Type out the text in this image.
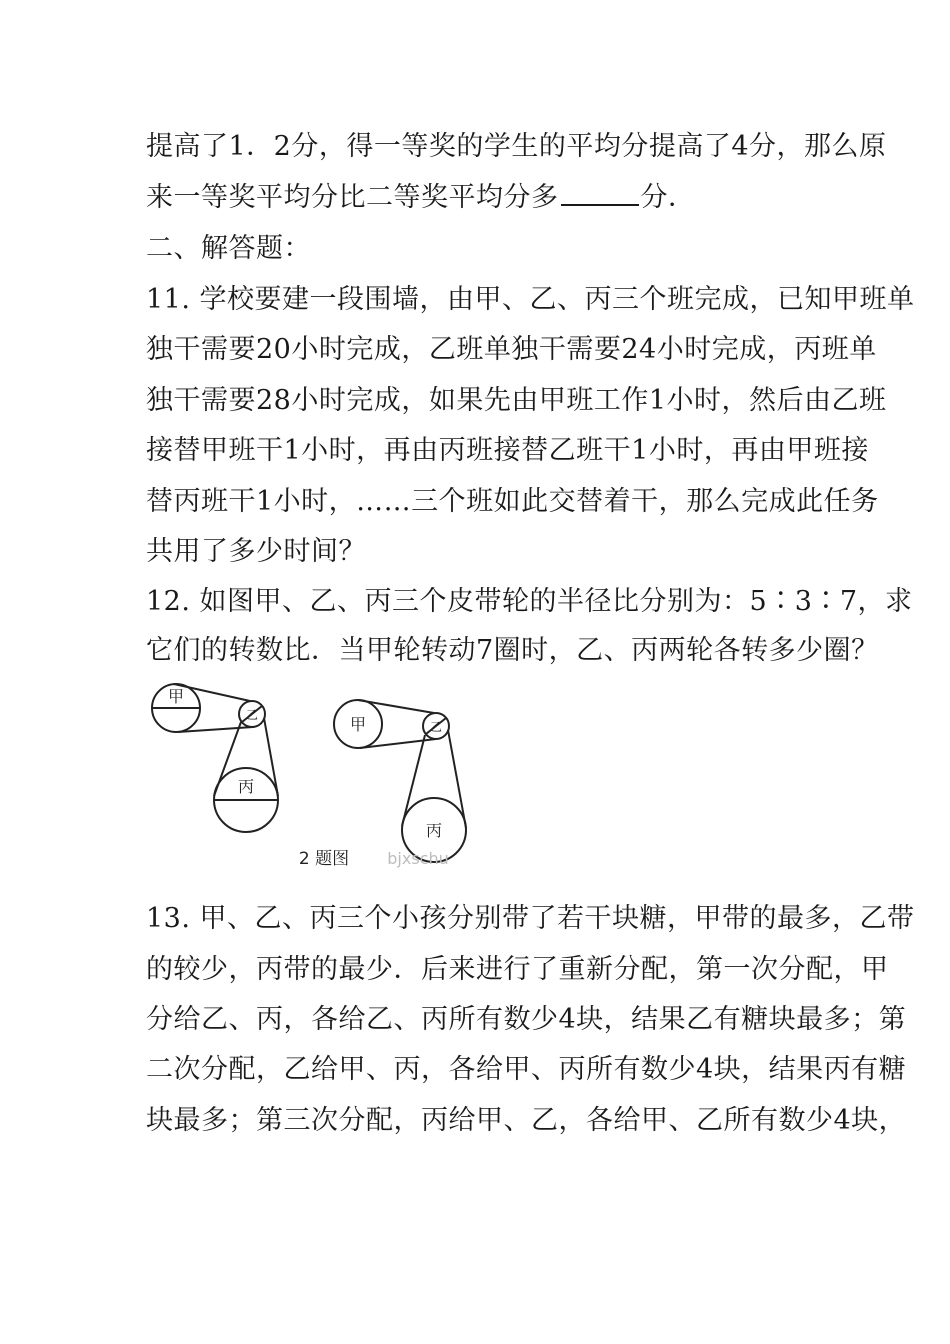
提高了1．2分，得一等奖的学生的平均分提高了4分，那么原
来一等奖平均分比二等奖平均分多	分．
二、解答题：
11. 学校要建一段围墙，由甲、乙、丙三个班完成，已知甲班单
独干需要20小时完成，乙班单独干需要24小时完成，丙班单
独干需要28小时完成，如果先由甲班工作1小时，然后由乙班
接替甲班干1小时，再由丙班接替乙班干1小时，再由甲班接
替丙班干1小时，……三个班如此交替着干，那么完成此任务
共用了多少时间？
12. 如图甲、乙、丙三个皮带轮的半径比分别为：5∶3∶7，求
它们的转数比．当甲轮转动7圈时，乙、丙两轮各转多少圈？
甲
乙
丙
甲	乙
丙
2 题图 bjxschu
13. 甲、乙、丙三个小孩分别带了若干块糖，甲带的最多，乙带
的较少，丙带的最少．后来进行了重新分配，第一次分配，甲
分给乙、丙，各给乙、丙所有数少4块，结果乙有糖块最多；第
二次分配，乙给甲、丙，各给甲、丙所有数少4块，结果丙有糖
块最多；第三次分配，丙给甲、乙，各给甲、乙所有数少4块，
